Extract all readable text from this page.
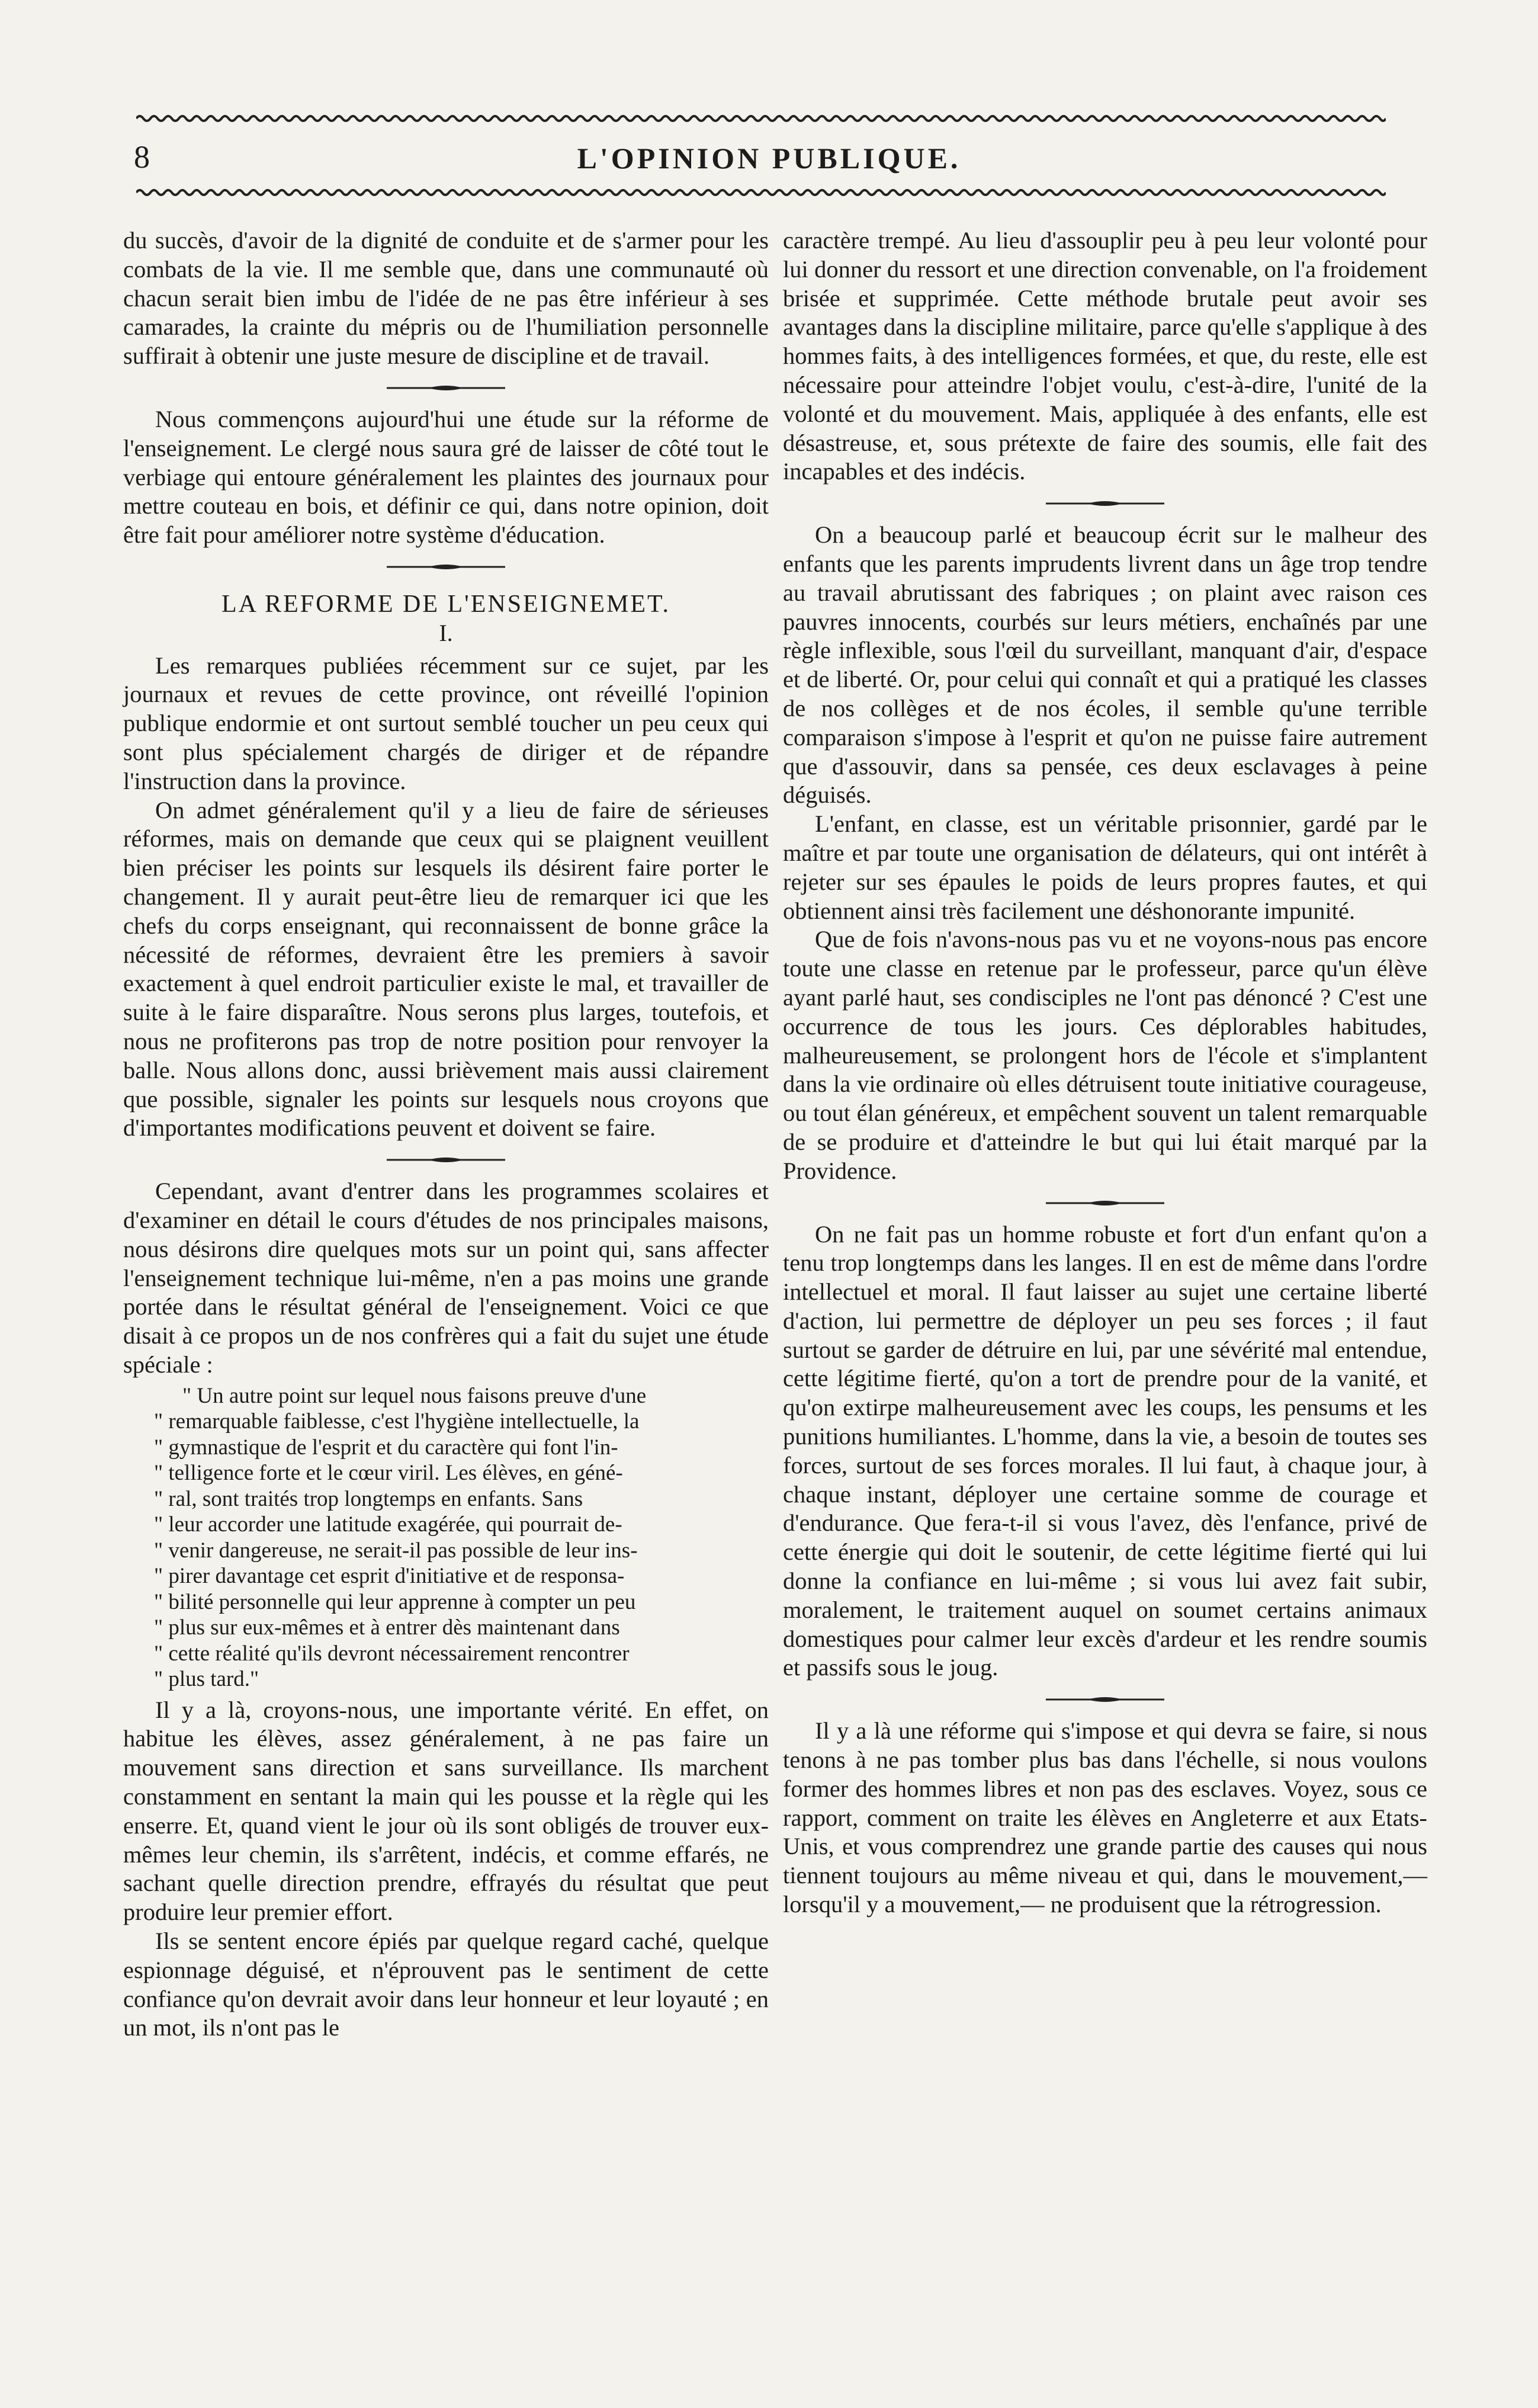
8	L'OPINION PUBLIQUE.

du succès, d'avoir de la dignité de conduite et de s'armer pour les combats de la vie. Il me semble que, dans une communauté où chacun serait bien imbu de l'idée de ne pas être inférieur à ses camarades, la crainte du mépris ou de l'humiliation personnelle suffirait à obtenir une juste mesure de discipline et de travail.

Nous commençons aujourd'hui une étude sur la réforme de l'enseignement. Le clergé nous saura gré de laisser de côté tout le verbiage qui entoure généralement les plaintes des journaux pour mettre couteau en bois, et définir ce qui, dans notre opinion, doit être fait pour améliorer notre système d'éducation.

LA REFORME DE L'ENSEIGNEMET.
I.

Les remarques publiées récemment sur ce sujet, par les journaux et revues de cette province, ont réveillé l'opinion publique endormie et ont surtout semblé toucher un peu ceux qui sont plus spécialement chargés de diriger et de répandre l'instruction dans la province.

On admet généralement qu'il y a lieu de faire de sérieuses réformes, mais on demande que ceux qui se plaignent veuillent bien préciser les points sur lesquels ils désirent faire porter le changement. Il y aurait peut-être lieu de remarquer ici que les chefs du corps enseignant, qui reconnaissent de bonne grâce la nécessité de réformes, devraient être les premiers à savoir exactement à quel endroit particulier existe le mal, et travailler de suite à le faire disparaître. Nous serons plus larges, toutefois, et nous ne profiterons pas trop de notre position pour renvoyer la balle. Nous allons donc, aussi brièvement mais aussi clairement que possible, signaler les points sur lesquels nous croyons que d'importantes modifications peuvent et doivent se faire.

Cependant, avant d'entrer dans les programmes scolaires et d'examiner en détail le cours d'études de nos principales maisons, nous désirons dire quelques mots sur un point qui, sans affecter l'enseignement technique lui-même, n'en a pas moins une grande portée dans le résultat général de l'enseignement. Voici ce que disait à ce propos un de nos confrères qui a fait du sujet une étude spéciale :

" Un autre point sur lequel nous faisons preuve d'une

" remarquable faiblesse, c'est l'hygiène intellectuelle, la

" gymnastique de l'esprit et du caractère qui font l'in-

" telligence forte et le cœur viril. Les élèves, en géné-

" ral, sont traités trop longtemps en enfants. Sans

" leur accorder une latitude exagérée, qui pourrait de-

" venir dangereuse, ne serait-il pas possible de leur ins-

" pirer davantage cet esprit d'initiative et de responsa-

" bilité personnelle qui leur apprenne à compter un peu

" plus sur eux-mêmes et à entrer dès maintenant dans

" cette réalité qu'ils devront nécessairement rencontrer

" plus tard."

Il y a là, croyons-nous, une importante vérité. En effet, on habitue les élèves, assez généralement, à ne pas faire un mouvement sans direction et sans surveillance. Ils marchent constamment en sentant la main qui les pousse et la règle qui les enserre. Et, quand vient le jour où ils sont obligés de trouver eux-mêmes leur chemin, ils s'arrêtent, indécis, et comme effarés, ne sachant quelle direction prendre, effrayés du résultat que peut produire leur premier effort.

Ils se sentent encore épiés par quelque regard caché, quelque espionnage déguisé, et n'éprouvent pas le sentiment de cette confiance qu'on devrait avoir dans leur honneur et leur loyauté ; en un mot, ils n'ont pas le

caractère trempé. Au lieu d'assouplir peu à peu leur volonté pour lui donner du ressort et une direction convenable, on l'a froidement brisée et supprimée. Cette méthode brutale peut avoir ses avantages dans la discipline militaire, parce qu'elle s'applique à des hommes faits, à des intelligences formées, et que, du reste, elle est nécessaire pour atteindre l'objet voulu, c'est-à-dire, l'unité de la volonté et du mouvement. Mais, appliquée à des enfants, elle est désastreuse, et, sous prétexte de faire des soumis, elle fait des incapables et des indécis.

On a beaucoup parlé et beaucoup écrit sur le malheur des enfants que les parents imprudents livrent dans un âge trop tendre au travail abrutissant des fabriques ; on plaint avec raison ces pauvres innocents, courbés sur leurs métiers, enchaînés par une règle inflexible, sous l'œil du surveillant, manquant d'air, d'espace et de liberté. Or, pour celui qui connaît et qui a pratiqué les classes de nos collèges et de nos écoles, il semble qu'une terrible comparaison s'impose à l'esprit et qu'on ne puisse faire autrement que d'assouvir, dans sa pensée, ces deux esclavages à peine déguisés.

L'enfant, en classe, est un véritable prisonnier, gardé par le maître et par toute une organisation de délateurs, qui ont intérêt à rejeter sur ses épaules le poids de leurs propres fautes, et qui obtiennent ainsi très facilement une déshonorante impunité.

Que de fois n'avons-nous pas vu et ne voyons-nous pas encore toute une classe en retenue par le professeur, parce qu'un élève ayant parlé haut, ses condisciples ne l'ont pas dénoncé ? C'est une occurrence de tous les jours. Ces déplorables habitudes, malheureusement, se prolongent hors de l'école et s'implantent dans la vie ordinaire où elles détruisent toute initiative courageuse, ou tout élan généreux, et empêchent souvent un talent remarquable de se produire et d'atteindre le but qui lui était marqué par la Providence.

On ne fait pas un homme robuste et fort d'un enfant qu'on a tenu trop longtemps dans les langes. Il en est de même dans l'ordre intellectuel et moral. Il faut laisser au sujet une certaine liberté d'action, lui permettre de déployer un peu ses forces ; il faut surtout se garder de détruire en lui, par une sévérité mal entendue, cette légitime fierté, qu'on a tort de prendre pour de la vanité, et qu'on extirpe malheureusement avec les coups, les pensums et les punitions humiliantes. L'homme, dans la vie, a besoin de toutes ses forces, surtout de ses forces morales. Il lui faut, à chaque jour, à chaque instant, déployer une certaine somme de courage et d'endurance. Que fera-t-il si vous l'avez, dès l'enfance, privé de cette énergie qui doit le soutenir, de cette légitime fierté qui lui donne la confiance en lui-même ; si vous lui avez fait subir, moralement, le traitement auquel on soumet certains animaux domestiques pour calmer leur excès d'ardeur et les rendre soumis et passifs sous le joug.

Il y a là une réforme qui s'impose et qui devra se faire, si nous tenons à ne pas tomber plus bas dans l'échelle, si nous voulons former des hommes libres et non pas des esclaves. Voyez, sous ce rapport, comment on traite les élèves en Angleterre et aux Etats-Unis, et vous comprendrez une grande partie des causes qui nous tiennent toujours au même niveau et qui, dans le mouvement,— lorsqu'il y a mouvement,— ne produisent que la rétrogression.
